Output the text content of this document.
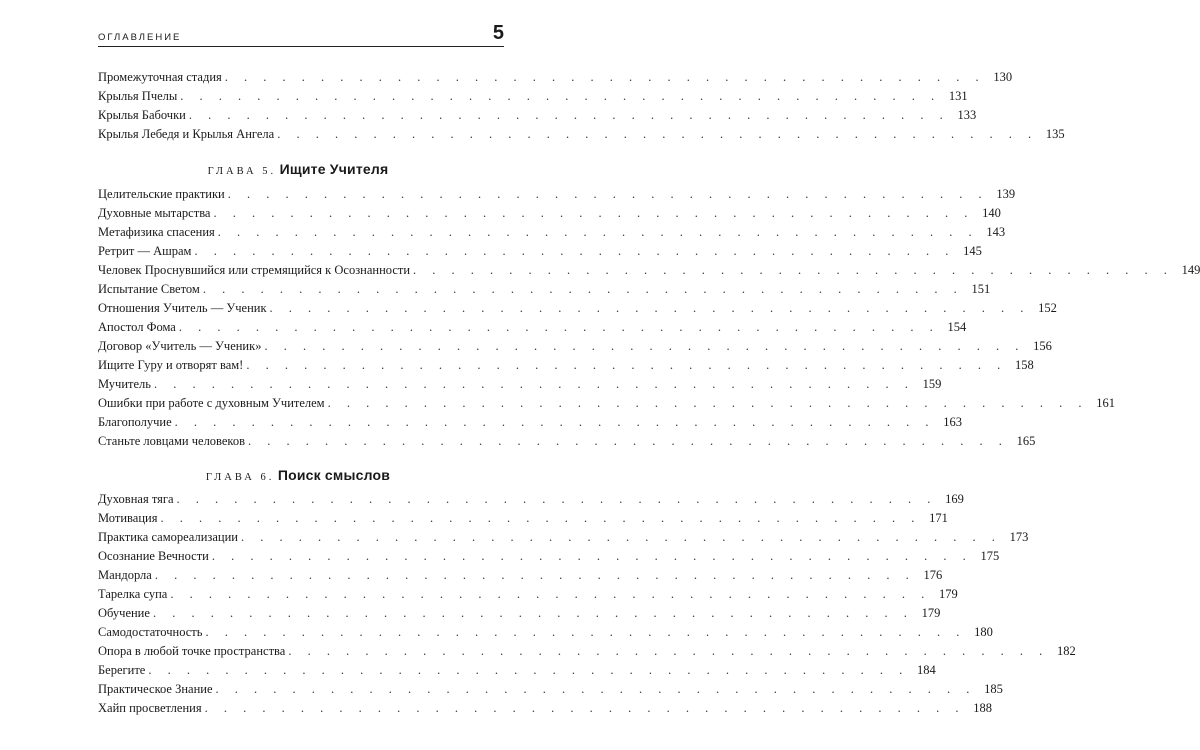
ОГЛАВЛЕНИЕ	5
Промежуточная стадия . . . . . . . . . . . . . . . . . . . . . . . . . . . . . . . . . . . . . . . . 130
Крылья Пчелы . . . . . . . . . . . . . . . . . . . . . . . . . . . . . . . . . . . . . . . . 131
Крылья Бабочки . . . . . . . . . . . . . . . . . . . . . . . . . . . . . . . . . . . . . . . . 133
Крылья Лебедя и Крылья Ангела . . . . . . . . . . . . . . . . . . . . . . . . . . . . . . . . . . . . . . . . 135
ГЛАВА 5. Ищите Учителя
Целительские практики . . . . . . . . . . . . . . . . . . . . . . . . . . . . . . . . . . . . . . . . 139
Духовные мытарства . . . . . . . . . . . . . . . . . . . . . . . . . . . . . . . . . . . . . . . . 140
Метафизика спасения . . . . . . . . . . . . . . . . . . . . . . . . . . . . . . . . . . . . . . . . 143
Ретрит — Ашрам . . . . . . . . . . . . . . . . . . . . . . . . . . . . . . . . . . . . . . . . 145
Человек Проснувшийся или стремящийся к Осознанности . . . . . . . . . . . . . . . . . . . . . . . . . . . . . . . . . . . . . . . . 149
Испытание Светом . . . . . . . . . . . . . . . . . . . . . . . . . . . . . . . . . . . . . . . . 151
Отношения Учитель — Ученик . . . . . . . . . . . . . . . . . . . . . . . . . . . . . . . . . . . . . . . . 152
Апостол Фома . . . . . . . . . . . . . . . . . . . . . . . . . . . . . . . . . . . . . . . . 154
Договор «Учитель — Ученик» . . . . . . . . . . . . . . . . . . . . . . . . . . . . . . . . . . . . . . . . 156
Ищите Гуру и отворят вам! . . . . . . . . . . . . . . . . . . . . . . . . . . . . . . . . . . . . . . . . 158
Мучитель . . . . . . . . . . . . . . . . . . . . . . . . . . . . . . . . . . . . . . . . 159
Ошибки при работе с духовным Учителем . . . . . . . . . . . . . . . . . . . . . . . . . . . . . . . . . . . . . . . . 161
Благополучие . . . . . . . . . . . . . . . . . . . . . . . . . . . . . . . . . . . . . . . . 163
Станьте ловцами человеков . . . . . . . . . . . . . . . . . . . . . . . . . . . . . . . . . . . . . . . . 165
ГЛАВА 6. Поиск смыслов
Духовная тяга . . . . . . . . . . . . . . . . . . . . . . . . . . . . . . . . . . . . . . . . 169
Мотивация . . . . . . . . . . . . . . . . . . . . . . . . . . . . . . . . . . . . . . . . 171
Практика самореализации . . . . . . . . . . . . . . . . . . . . . . . . . . . . . . . . . . . . . . . . 173
Осознание Вечности . . . . . . . . . . . . . . . . . . . . . . . . . . . . . . . . . . . . . . . . 175
Мандорла . . . . . . . . . . . . . . . . . . . . . . . . . . . . . . . . . . . . . . . . 176
Тарелка супа . . . . . . . . . . . . . . . . . . . . . . . . . . . . . . . . . . . . . . . . 179
Обучение . . . . . . . . . . . . . . . . . . . . . . . . . . . . . . . . . . . . . . . . 179
Самодостаточность . . . . . . . . . . . . . . . . . . . . . . . . . . . . . . . . . . . . . . . . 180
Опора в любой точке пространства . . . . . . . . . . . . . . . . . . . . . . . . . . . . . . . . . . . . . . . . 182
Берегите . . . . . . . . . . . . . . . . . . . . . . . . . . . . . . . . . . . . . . . . 184
Практическое Знание . . . . . . . . . . . . . . . . . . . . . . . . . . . . . . . . . . . . . . . . 185
Хайп просветления . . . . . . . . . . . . . . . . . . . . . . . . . . . . . . . . . . . . . . . . 188
